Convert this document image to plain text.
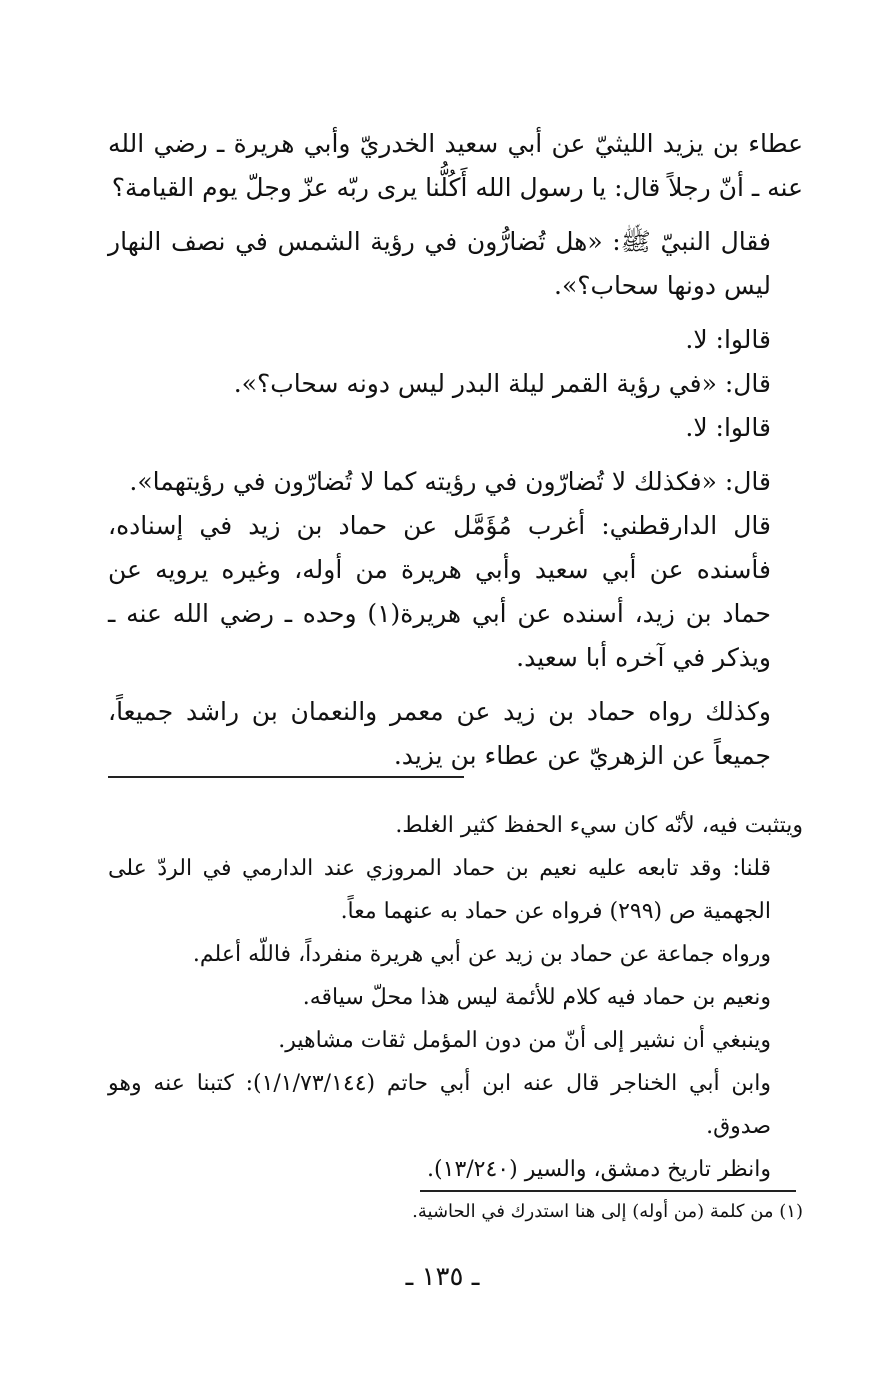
عطاء بن يزيد الليثيّ عن أبي سعيد الخدريّ وأبي هريرة ـ رضي الله عنه ـ أنّ رجلاً قال: يا رسول الله أَكُلُّنا يرى ربّه عزّ وجلّ يوم القيامة؟

فقال النبيّ ﷺ: «هل تُضارُّون في رؤية الشمس في نصف النهار ليس دونها سحاب؟».

قالوا: لا.

قال: «في رؤية القمر ليلة البدر ليس دونه سحاب؟».

قالوا: لا.

قال: «فكذلك لا تُضارّون في رؤيته كما لا تُضارّون في رؤيتهما».

قال الدارقطني: أغرب مُؤَمَّل عن حماد بن زيد في إسناده، فأسنده عن أبي سعيد وأبي هريرة من أوله، وغيره يرويه عن حماد بن زيد، أسنده عن أبي هريرة(١) وحده ـ رضي الله عنه ـ ويذكر في آخره أبا سعيد.

وكذلك رواه حماد بن زيد عن معمر والنعمان بن راشد جميعاً، جميعاً عن الزهريّ عن عطاء بن يزيد.

ويتثبت فيه، لأنّه كان سيء الحفظ كثير الغلط.

قلنا: وقد تابعه عليه نعيم بن حماد المروزي عند الدارمي في الردّ على الجهمية ص (٢٩٩) فرواه عن حماد به عنهما معاً.

ورواه جماعة عن حماد بن زيد عن أبي هريرة منفرداً، فاللّه أعلم.

ونعيم بن حماد فيه كلام للأئمة ليس هذا محلّ سياقه.

وينبغي أن نشير إلى أنّ من دون المؤمل ثقات مشاهير.

وابن أبي الخناجر قال عنه ابن أبي حاتم (١/١/٧٣/١٤٤): كتبنا عنه وهو صدوق.

وانظر تاريخ دمشق، والسير (١٣/٢٤٠).

(١) من كلمة (من أوله) إلى هنا استدرك في الحاشية.
ـ ١٣٥ ـ
